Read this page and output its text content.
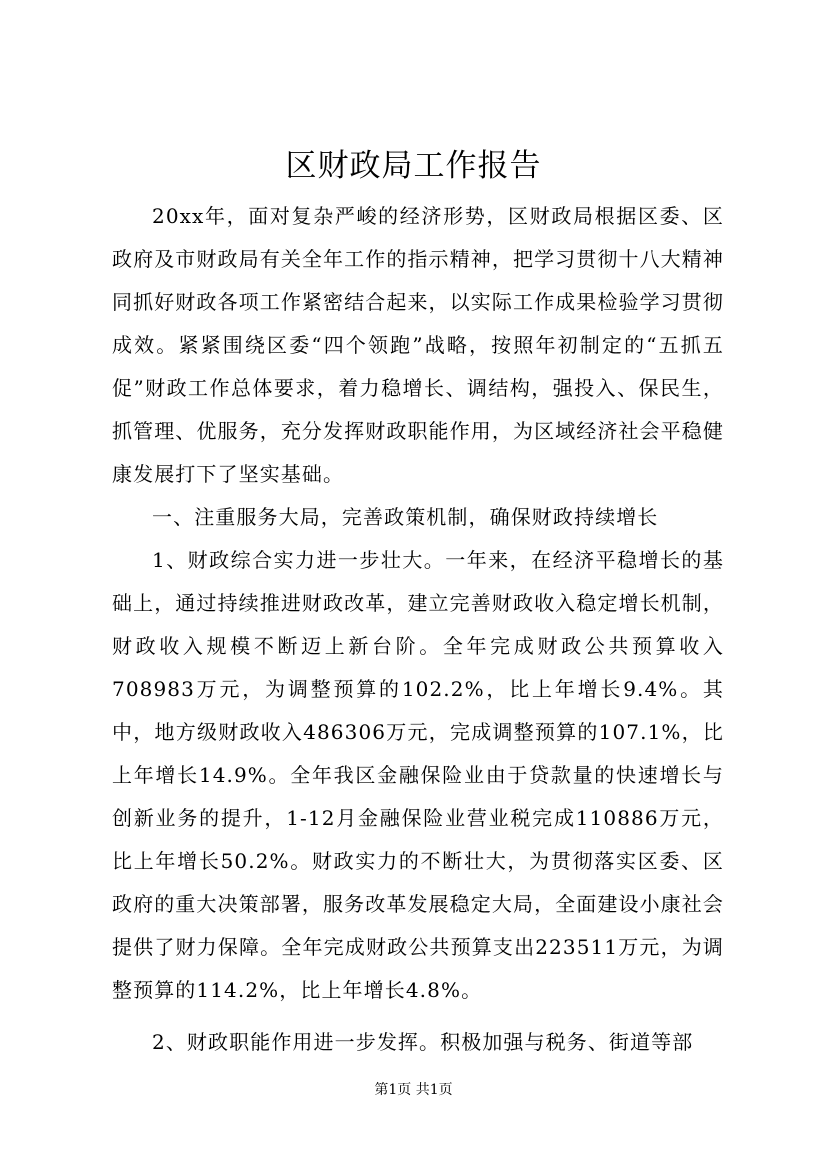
区财政局工作报告

20xx年，面对复杂严峻的经济形势，区财政局根据区委、区政府及市财政局有关全年工作的指示精神，把学习贯彻十八大精神同抓好财政各项工作紧密结合起来，以实际工作成果检验学习贯彻成效。紧紧围绕区委“四个领跑”战略，按照年初制定的“五抓五促”财政工作总体要求，着力稳增长、调结构，强投入、保民生，抓管理、优服务，充分发挥财政职能作用，为区域经济社会平稳健康发展打下了坚实基础。

一、注重服务大局，完善政策机制，确保财政持续增长

1、财政综合实力进一步壮大。一年来，在经济平稳增长的基础上，通过持续推进财政改革，建立完善财政收入稳定增长机制，财政收入规模不断迈上新台阶。全年完成财政公共预算收入708983万元，为调整预算的102.2%，比上年增长9.4%。其中，地方级财政收入486306万元，完成调整预算的107.1%，比上年增长14.9%。全年我区金融保险业由于贷款量的快速增长与创新业务的提升，1-12月金融保险业营业税完成110886万元，比上年增长50.2%。财政实力的不断壮大，为贯彻落实区委、区政府的重大决策部署，服务改革发展稳定大局，全面建设小康社会提供了财力保障。全年完成财政公共预算支出223511万元，为调整预算的114.2%，比上年增长4.8%。

2、财政职能作用进一步发挥。积极加强与税务、街道等部

第1页 共1页
